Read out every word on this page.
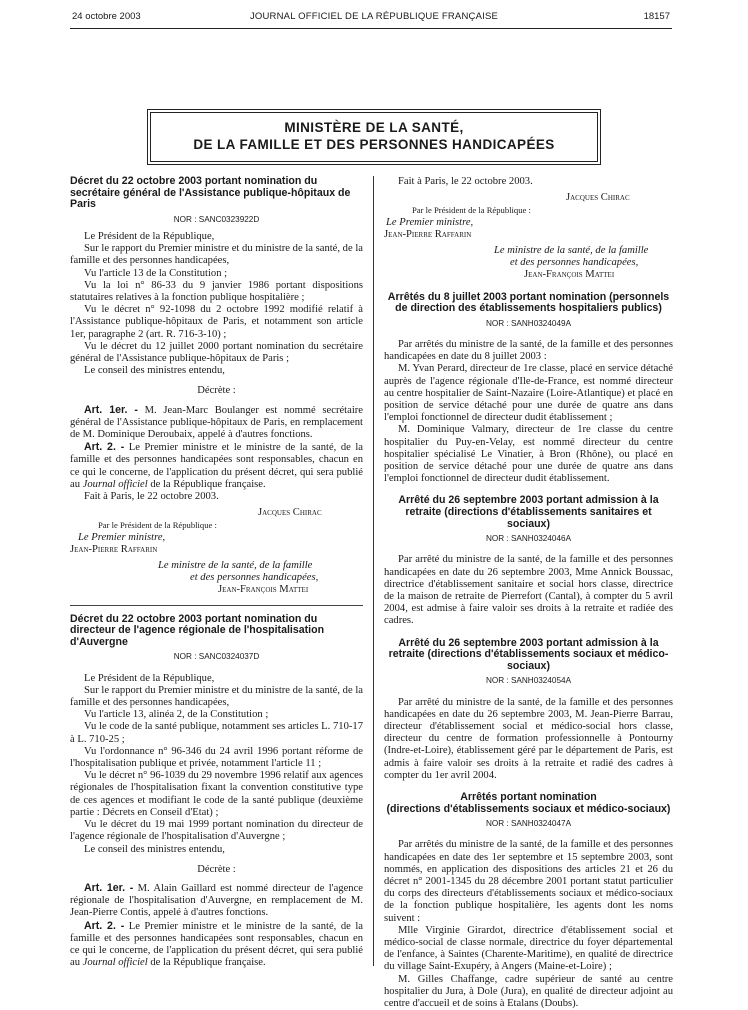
24 octobre 2003	JOURNAL OFFICIEL DE LA RÉPUBLIQUE FRANÇAISE	18157
MINISTÈRE DE LA SANTÉ,
DE LA FAMILLE ET DES PERSONNES HANDICAPÉES
Décret du 22 octobre 2003 portant nomination du secrétaire général de l'Assistance publique-hôpitaux de Paris
NOR : SANC0323922D

Le Président de la République,

Sur le rapport du Premier ministre et du ministre de la santé, de la famille et des personnes handicapées,

Vu l'article 13 de la Constitution ;

Vu la loi n° 86-33 du 9 janvier 1986 portant dispositions statutaires relatives à la fonction publique hospitalière ;

Vu le décret n° 92-1098 du 2 octobre 1992 modifié relatif à l'Assistance publique-hôpitaux de Paris, et notamment son article 1er, paragraphe 2 (art. R. 716-3-10) ;

Vu le décret du 12 juillet 2000 portant nomination du secrétaire général de l'Assistance publique-hôpitaux de Paris ;

Le conseil des ministres entendu,

Décrète :

Art. 1er. - M. Jean-Marc Boulanger est nommé secrétaire général de l'Assistance publique-hôpitaux de Paris, en remplacement de M. Dominique Deroubaix, appelé à d'autres fonctions.

Art. 2. - Le Premier ministre et le ministre de la santé, de la famille et des personnes handicapées sont responsables, chacun en ce qui le concerne, de l'application du présent décret, qui sera publié au Journal officiel de la République française.

Fait à Paris, le 22 octobre 2003.

Jacques Chirac

Par le Président de la République :

Le Premier ministre,

Jean-Pierre Raffarin

Le ministre de la santé, de la famille

et des personnes handicapées,

Jean-François Mattei

Décret du 22 octobre 2003 portant nomination du directeur de l'agence régionale de l'hospitalisation d'Auvergne
NOR : SANC0324037D

Le Président de la République,

Sur le rapport du Premier ministre et du ministre de la santé, de la famille et des personnes handicapées,

Vu l'article 13, alinéa 2, de la Constitution ;

Vu le code de la santé publique, notamment ses articles L. 710-17 à L. 710-25 ;

Vu l'ordonnance n° 96-346 du 24 avril 1996 portant réforme de l'hospitalisation publique et privée, notamment l'article 11 ;

Vu le décret n° 96-1039 du 29 novembre 1996 relatif aux agences régionales de l'hospitalisation fixant la convention constitutive type de ces agences et modifiant le code de la santé publique (deuxième partie : Décrets en Conseil d'Etat) ;

Vu le décret du 19 mai 1999 portant nomination du directeur de l'agence régionale de l'hospitalisation d'Auvergne ;

Le conseil des ministres entendu,

Décrète :

Art. 1er. - M. Alain Gaillard est nommé directeur de l'agence régionale de l'hospitalisation d'Auvergne, en remplacement de M. Jean-Pierre Contis, appelé à d'autres fonctions.

Art. 2. - Le Premier ministre et le ministre de la santé, de la famille et des personnes handicapées sont responsables, chacun en ce qui le concerne, de l'application du présent décret, qui sera publié au Journal officiel de la République française.

Fait à Paris, le 22 octobre 2003.

Jacques Chirac

Par le Président de la République :

Le Premier ministre,

Jean-Pierre Raffarin

Le ministre de la santé, de la famille

et des personnes handicapées,

Jean-François Mattei

Arrêtés du 8 juillet 2003 portant nomination (personnels de direction des établissements hospitaliers publics)
NOR : SANH0324049A

Par arrêtés du ministre de la santé, de la famille et des personnes handicapées en date du 8 juillet 2003 :

M. Yvan Perard, directeur de 1re classe, placé en service détaché auprès de l'agence régionale d'Ile-de-France, est nommé directeur au centre hospitalier de Saint-Nazaire (Loire-Atlantique) et placé en position de service détaché pour une durée de quatre ans dans l'emploi fonctionnel de directeur dudit établissement ;

M. Dominique Valmary, directeur de 1re classe du centre hospitalier du Puy-en-Velay, est nommé directeur du centre hospitalier spécialisé Le Vinatier, à Bron (Rhône), ou placé en position de service détaché pour une durée de quatre ans dans l'emploi fonctionnel de directeur dudit établissement.

Arrêté du 26 septembre 2003 portant admission à la retraite (directions d'établissements sanitaires et sociaux)
NOR : SANH0324046A

Par arrêté du ministre de la santé, de la famille et des personnes handicapées en date du 26 septembre 2003, Mme Annick Boussac, directrice d'établissement sanitaire et social hors classe, directrice de la maison de retraite de Pierrefort (Cantal), à compter du 5 avril 2004, est admise à faire valoir ses droits à la retraite et radiée des cadres.

Arrêté du 26 septembre 2003 portant admission à la retraite (directions d'établissements sociaux et médico-sociaux)
NOR : SANH0324054A

Par arrêté du ministre de la santé, de la famille et des personnes handicapées en date du 26 septembre 2003, M. Jean-Pierre Barrau, directeur d'établissement social et médico-social hors classe, directeur du centre de formation professionnelle à Pontourny (Indre-et-Loire), établissement géré par le département de Paris, est admis à faire valoir ses droits à la retraite et radié des cadres à compter du 1er avril 2004.

Arrêtés portant nomination
(directions d'établissements sociaux et médico-sociaux)
NOR : SANH0324047A

Par arrêtés du ministre de la santé, de la famille et des personnes handicapées en date des 1er septembre et 15 septembre 2003, sont nommés, en application des dispositions des articles 21 et 26 du décret n° 2001-1345 du 28 décembre 2001 portant statut particulier du corps des directeurs d'établissements sociaux et médico-sociaux de la fonction publique hospitalière, les agents dont les noms suivent :

Mlle Virginie Girardot, directrice d'établissement social et médico-social de classe normale, directrice du foyer départemental de l'enfance, à Saintes (Charente-Maritime), en qualité de directrice du village Saint-Exupéry, à Angers (Maine-et-Loire) ;

M. Gilles Chaffange, cadre supérieur de santé au centre hospitalier du Jura, à Dole (Jura), en qualité de directeur adjoint au centre d'accueil et de soins à Etalans (Doubs).
